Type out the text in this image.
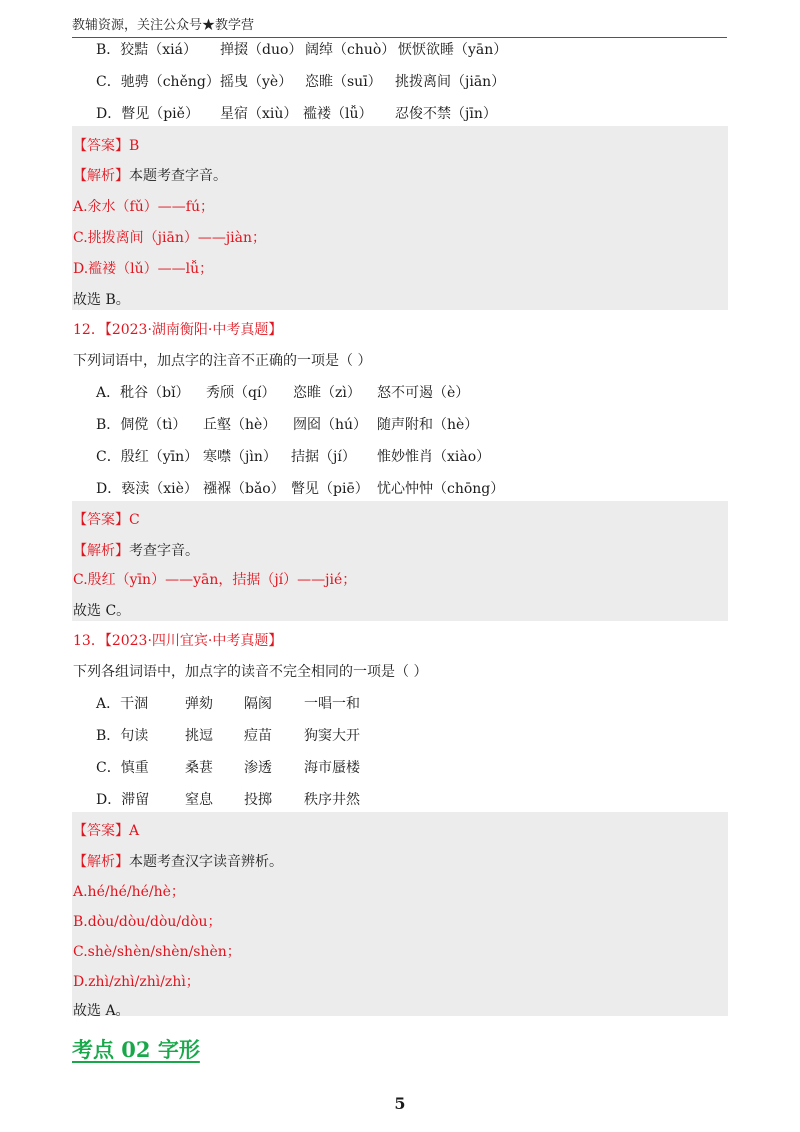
教辅资源，关注公众号★教学营
B．狡黠（xiá） 掸掇（duo） 阔绰（chuò） 恹恹欲睡（yān）
C．驰骋（chěng） 摇曳（yè） 恣睢（suī） 挑拨离间（jiān）
D．瞥见（piě） 星宿（xiù） 褴褛（lǚ） 忍俊不禁（jīn）
【答案】B
【解析】本题考查字音。
A.氽水（fǔ）——fú；
C.挑拨离间（jiān）——jiàn；
D.褴褛（lǔ）——lǚ；
故选 B。
12．【2023·湖南衡阳·中考真题】
下列词语中，加点字的注音不正确的一项是（ ）
A．秕谷（bǐ） 秀颀（qí） 恣睢（zì） 怒不可遏（è）
B．倜傥（tì） 丘壑（hè） 囫囵（hú） 随声附和（hè）
C．殷红（yīn） 寒噤（jìn） 拮据（jí） 惟妙惟肖（xiào）
D．亵渎（xiè） 襁褓（bǎo） 瞥见（piē） 忧心忡忡（chōng）
【答案】C
【解析】考查字音。
C.殷红（yīn）——yān，拮据（jí）——jié；
故选 C。
13．【2023·四川宜宾·中考真题】
下列各组词语中，加点字的读音不完全相同的一项是（ ）
A．干涸	弹劾 隔阂 一唱一和
B．句读	挑逗 痘苗 狗窦大开
C．慎重	桑葚 渗透 海市蜃楼
D．滞留	窒息 投掷 秩序井然
【答案】A
【解析】本题考查汉字读音辨析。
A.hé/hé/hé/hè；
B.dòu/dòu/dòu/dòu；
C.shè/shèn/shèn/shèn；
D.zhì/zhì/zhì/zhì；
故选 A。
考点 02 字形
5
